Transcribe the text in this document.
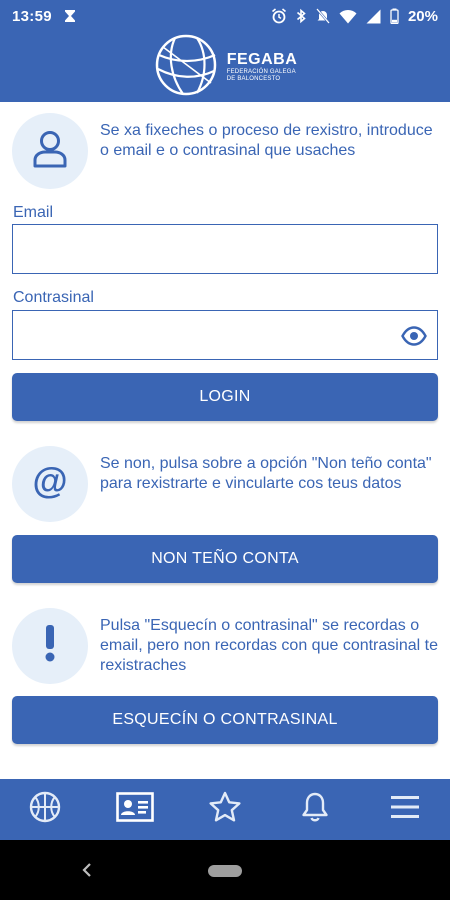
13:59	20%
FEGABA
FEDERACIÓN GALEGA
DE BALONCESTO
Se xa fixeches o proceso de rexistro, introduce o email e o contrasinal que usaches
Email
Contrasinal
LOGIN
@ Se non, pulsa sobre a opción "Non teño conta" para rexistrarte e vincularte cos teus datos
NON TEÑO CONTA
Pulsa "Esquecín o contrasinal" se recordas o email, pero non recordas con que contrasinal te rexistraches
ESQUECÍN O CONTRASINAL
